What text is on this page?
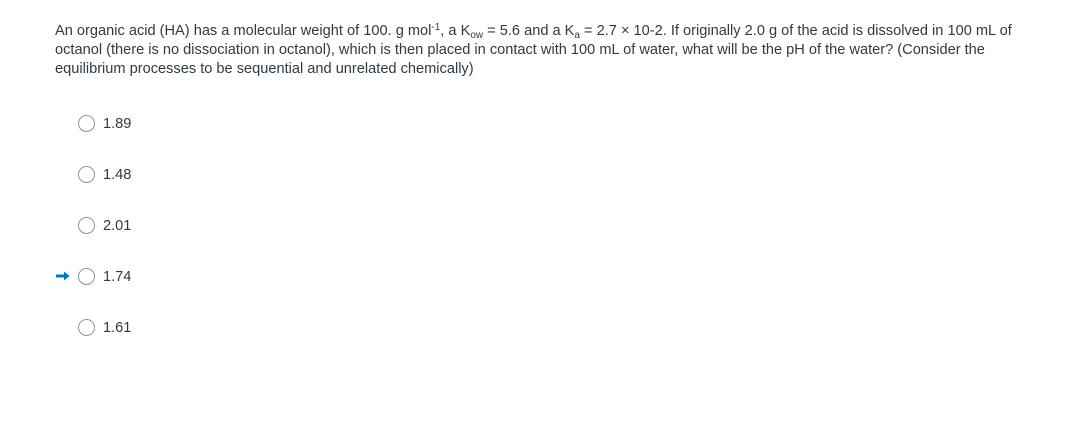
An organic acid (HA) has a molecular weight of 100. g mol$^{-1}$, a $K_{ow} = 5.6$ and a $K_a = 2.7 \times 10-2$. If originally 2.0 g of the acid is dissolved in 100 mL of octanol (there is no dissociation in octanol), which is then placed in contact with 100 mL of water, what will be the pH of the water? (Consider the equilibrium processes to be sequential and unrelated chemically)
1.89
1.48
2.01
1.74
1.61
